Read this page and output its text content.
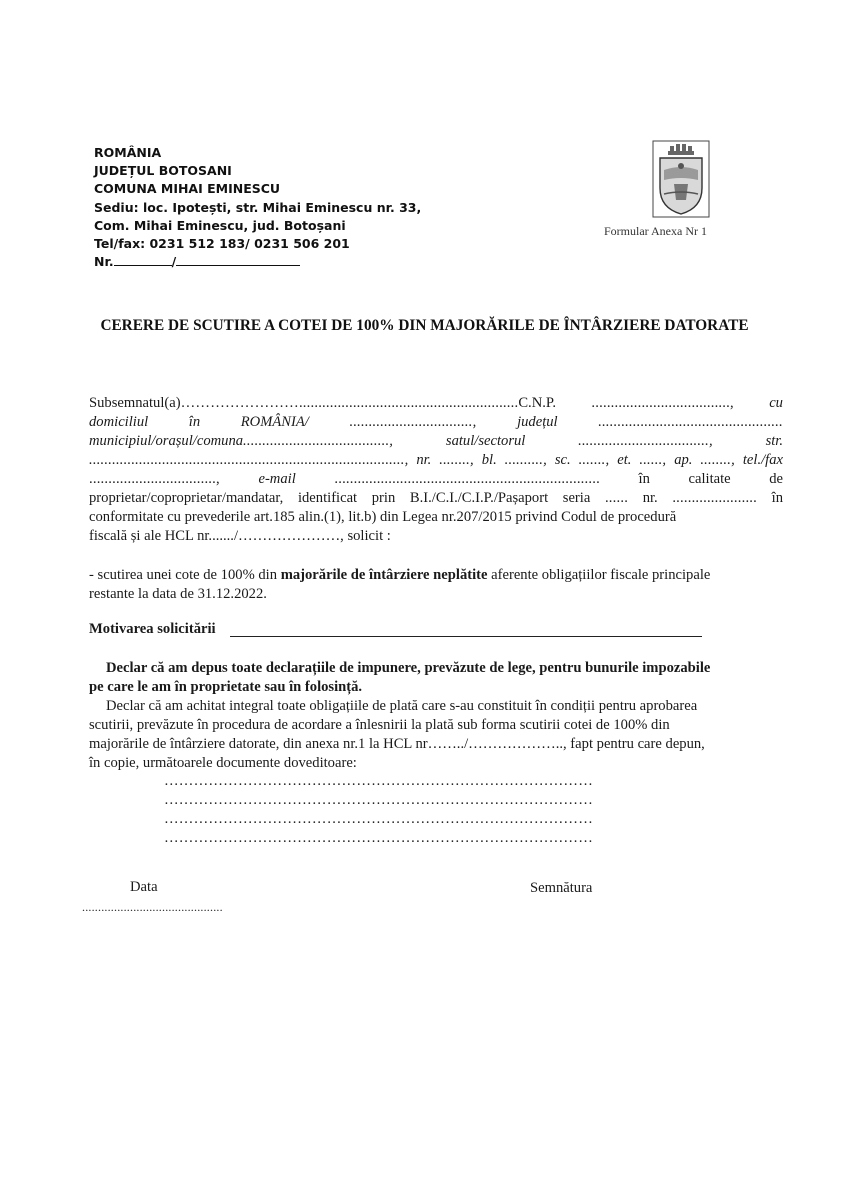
ROMÂNIA
JUDEȚUL BOTOSANI
COMUNA MIHAI EMINESCU
Sediu: loc. Ipotești, str. Mihai Eminescu nr. 33,
Com. Mihai Eminescu, jud. Botoșani
Tel/fax: 0231 512 183/ 0231 506 201
Nr.	/
Formular Anexa Nr 1
CERERE DE SCUTIRE A COTEI DE 100% DIN MAJORĂRILE DE ÎNTÂRZIERE DATORATE
Subsemnatul(a)…………………….........................................................C.N.P. ...................................., cu
domiciliul	în	ROMÂNIA/	................................,	județul	................................................
municipiul/orașul/comuna......................................,	satul/sectorul	..................................,	str.
.................................................................................., nr. ........, bl. .........., sc. ......., et. ......, ap. ........, tel./fax
.................................,	e-mail	.....................................................................	în	calitate	de
proprietar/coproprietar/mandatar, identificat prin B.I./C.I./C.I.P./Pașaport seria ...... nr. ...................... în
conformitate cu prevederile art.185 alin.(1), lit.b) din Legea nr.207/2015 privind Codul de procedură
fiscală și ale HCL nr......./…………………, solicit :
- scutirea unei cote de 100% din majorările de întârziere neplătite aferente obligațiilor fiscale principale
restante la data de 31.12.2022.
Motivarea solicitării
Declar că am depus toate declarațiile de impunere, prevăzute de lege, pentru bunurile impozabile
pe care le am în proprietate sau în folosință.
Declar că am achitat integral toate obligațiile de plată care s-au constituit în condiții pentru aprobarea
scutirii, prevăzute în procedura de acordare a înlesnirii la plată sub forma scutirii cotei de 100% din
majorările de întârziere datorate, din anexa nr.1 la HCL nr……../……………….., fapt pentru care depun,
în copie, următoarele documente doveditoare:
……………………………………………………………………………
……………………………………………………………………………
……………………………………………………………………………
……………………………………………………………………………
Data
............................................
Semnătura
